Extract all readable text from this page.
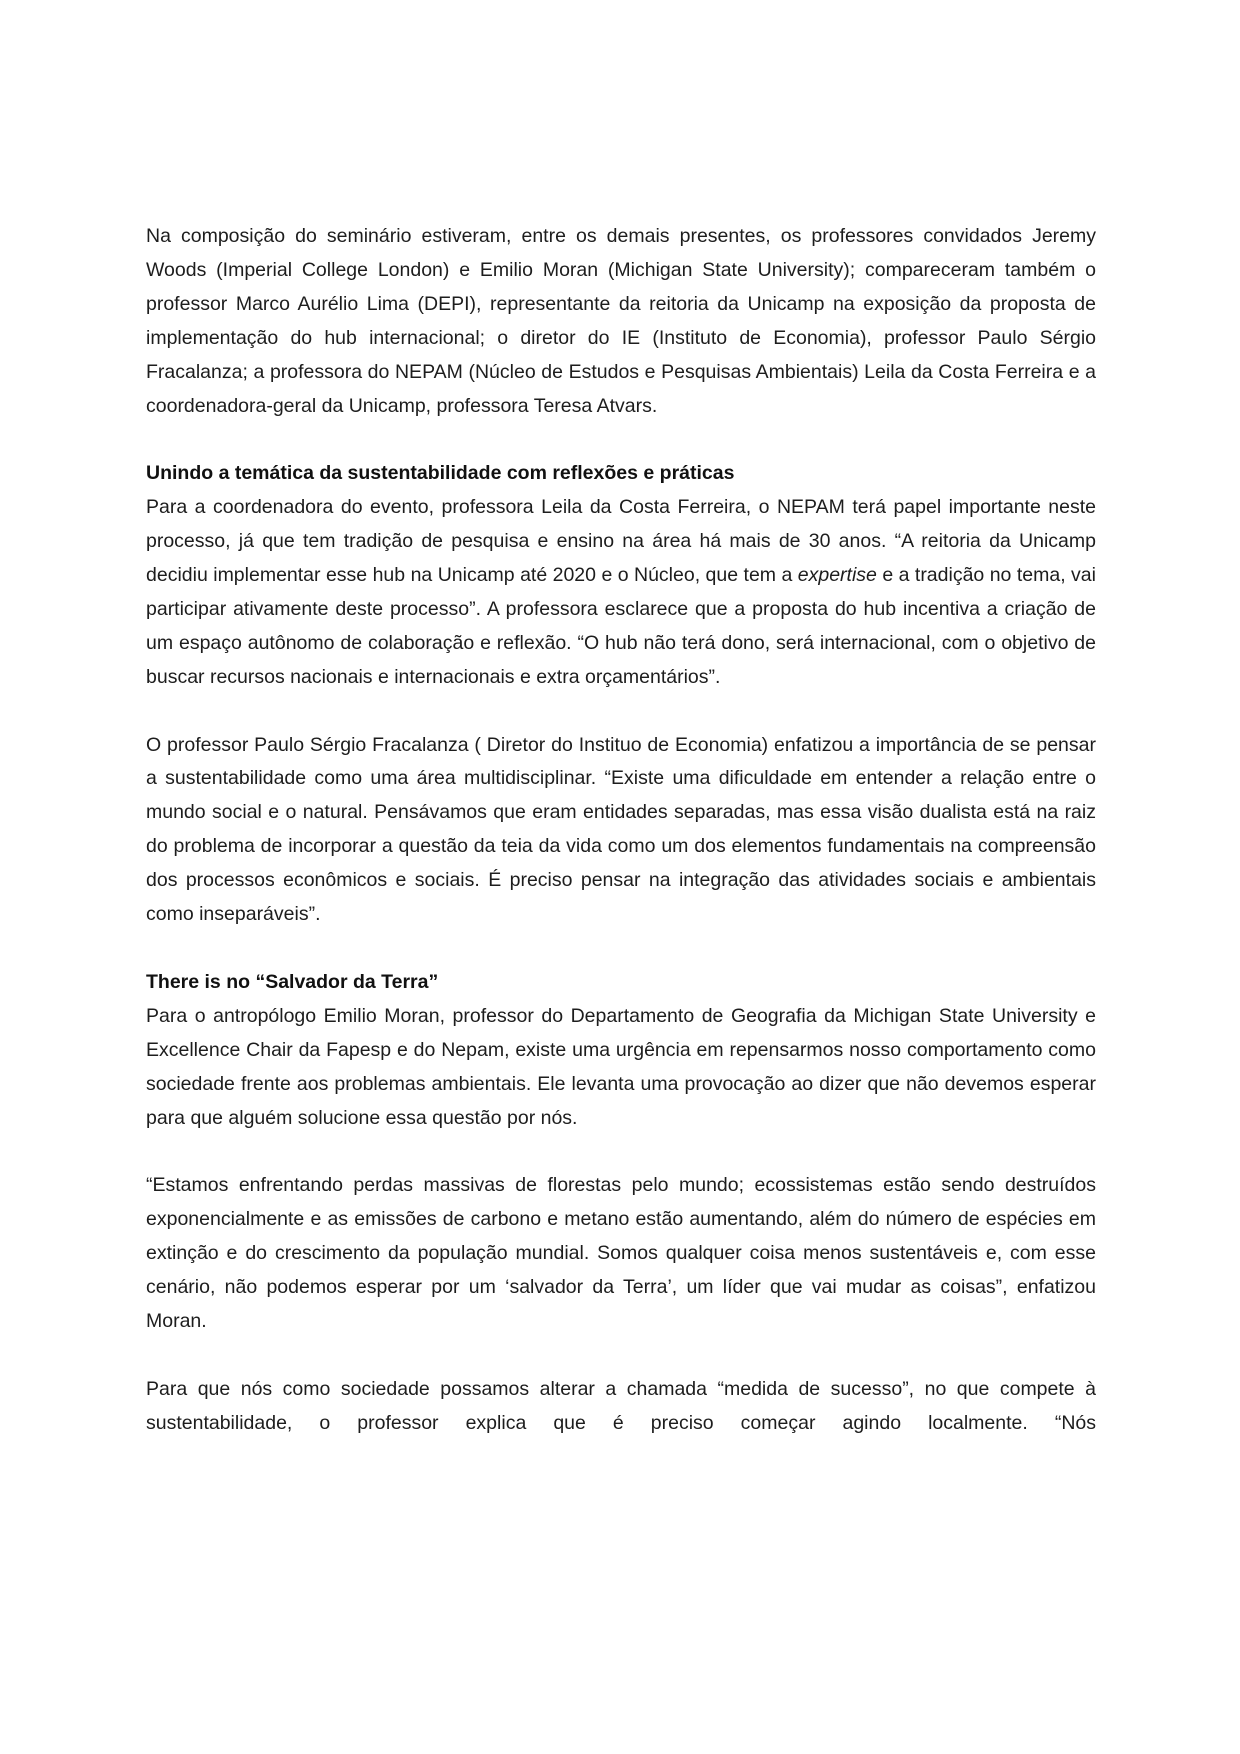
Na composição do seminário estiveram, entre os demais presentes, os professores convidados Jeremy Woods (Imperial College London) e Emilio Moran (Michigan State University); compareceram também o professor Marco Aurélio Lima (DEPI), representante da reitoria da Unicamp na exposição da proposta de implementação do hub internacional; o diretor do IE (Instituto de Economia), professor Paulo Sérgio Fracalanza; a professora do NEPAM (Núcleo de Estudos e Pesquisas Ambientais) Leila da Costa Ferreira e a coordenadora-geral da Unicamp, professora Teresa Atvars.

Unindo a temática da sustentabilidade com reflexões e práticas

Para a coordenadora do evento, professora Leila da Costa Ferreira, o NEPAM terá papel importante neste processo, já que tem tradição de pesquisa e ensino na área há mais de 30 anos. “A reitoria da Unicamp decidiu implementar esse hub na Unicamp até 2020 e o Núcleo, que tem a expertise e a tradição no tema, vai participar ativamente deste processo”. A professora esclarece que a proposta do hub incentiva a criação de um espaço autônomo de colaboração e reflexão. “O hub não terá dono, será internacional, com o objetivo de buscar recursos nacionais e internacionais e extra orçamentários”.

O professor Paulo Sérgio Fracalanza ( Diretor do Instituo de Economia) enfatizou a importância de se pensar a sustentabilidade como uma área multidisciplinar. “Existe uma dificuldade em entender a relação entre o mundo social e o natural. Pensávamos que eram entidades separadas, mas essa visão dualista está na raiz do problema de incorporar a questão da teia da vida como um dos elementos fundamentais na compreensão dos processos econômicos e sociais. É preciso pensar na integração das atividades sociais e ambientais como inseparáveis”.

There is no “Salvador da Terra”

Para o antropólogo Emilio Moran, professor do Departamento de Geografia da Michigan State University e Excellence Chair da Fapesp e do Nepam, existe uma urgência em repensarmos nosso comportamento como sociedade frente aos problemas ambientais. Ele levanta uma provocação ao dizer que não devemos esperar para que alguém solucione essa questão por nós.

“Estamos enfrentando perdas massivas de florestas pelo mundo; ecossistemas estão sendo destruídos exponencialmente e as emissões de carbono e metano estão aumentando, além do número de espécies em extinção e do crescimento da população mundial. Somos qualquer coisa menos sustentáveis e, com esse cenário, não podemos esperar por um ‘salvador da Terra’, um líder que vai mudar as coisas”, enfatizou Moran.

Para que nós como sociedade possamos alterar a chamada “medida de sucesso”, no que compete à sustentabilidade, o professor explica que é preciso começar agindo localmente. “Nós
